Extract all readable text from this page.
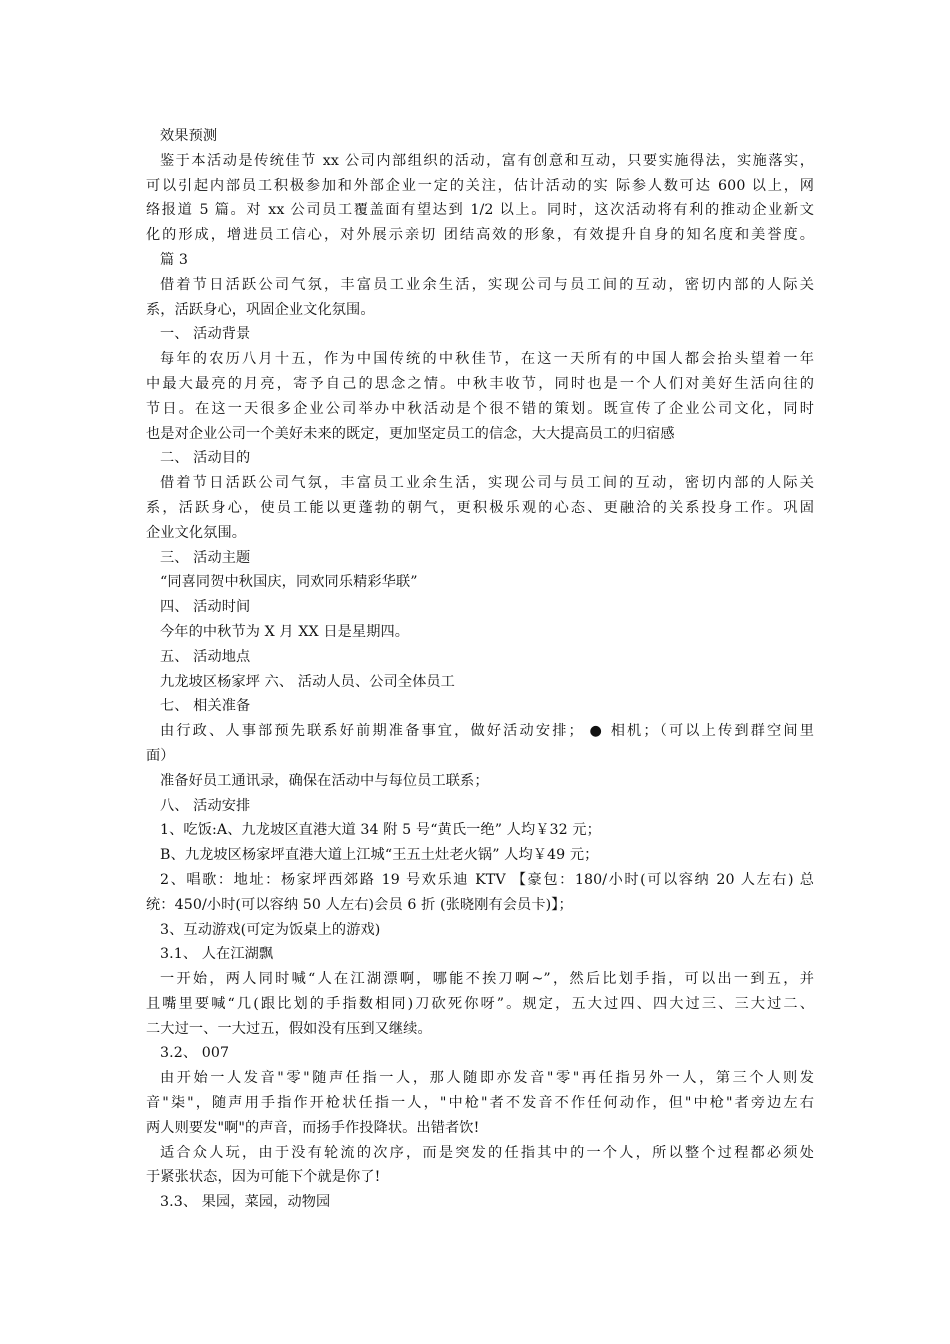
效果预测
鉴于本活动是传统佳节 xx 公司内部组织的活动，富有创意和互动，只要实施得法，实施落实，
可以引起内部员工积极参加和外部企业一定的关注，估计活动的实 际参人数可达 600 以上，网
络报道 5 篇。对 xx 公司员工覆盖面有望达到 1/2 以上。同时，这次活动将有利的推动企业新文
化的形成，增进员工信心，对外展示亲切 团结高效的形象，有效提升自身的知名度和美誉度。
篇 3
借着节日活跃公司气氛，丰富员工业余生活，实现公司与员工间的互动，密切内部的人际关
系，活跃身心，巩固企业文化氛围。
一、 活动背景
每年的农历八月十五，作为中国传统的中秋佳节，在这一天所有的中国人都会抬头望着一年
中最大最亮的月亮，寄予自己的思念之情。中秋丰收节，同时也是一个人们对美好生活向往的
节日。在这一天很多企业公司举办中秋活动是个很不错的策划。既宣传了企业公司文化，同时
也是对企业公司一个美好未来的既定，更加坚定员工的信念，大大提高员工的归宿感
二、 活动目的
借着节日活跃公司气氛，丰富员工业余生活，实现公司与员工间的互动，密切内部的人际关
系，活跃身心，使员工能以更蓬勃的朝气，更积极乐观的心态、更融洽的关系投身工作。巩固
企业文化氛围。
三、 活动主题
“同喜同贺中秋国庆，同欢同乐精彩华联”
四、 活动时间
今年的中秋节为 X 月 XX 日是星期四。
五、 活动地点
九龙坡区杨家坪 六、 活动人员、公司全体员工
七、 相关准备
由行政、人事部预先联系好前期准备事宜，做好活动安排； ● 相机；（可以上传到群空间里
面）
准备好员工通讯录，确保在活动中与每位员工联系；
八、 活动安排
1、吃饭:A、九龙坡区直港大道 34 附 5 号“黄氏一绝” 人均￥32 元；
B、九龙坡区杨家坪直港大道上江城“王五土灶老火锅” 人均￥49 元；
2、唱歌：地址：杨家坪西郊路 19 号欢乐迪 KTV 【豪包：180/小时(可以容纳 20 人左右) 总
统：450/小时(可以容纳 50 人左右)会员 6 折 (张晓刚有会员卡)】；
3、互动游戏(可定为饭桌上的游戏)
3.1、 人在江湖飘
一开始，两人同时喊“人在江湖漂啊，哪能不挨刀啊~”，然后比划手指，可以出一到五，并
且嘴里要喊“几(跟比划的手指数相同)刀砍死你呀”。规定，五大过四、四大过三、三大过二、
二大过一、一大过五，假如没有压到又继续。
3.2、 007
由开始一人发音"零"随声任指一人，那人随即亦发音"零"再任指另外一人，第三个人则发
音"柒"，随声用手指作开枪状任指一人，"中枪"者不发音不作任何动作，但"中枪"者旁边左右
两人则要发"啊"的声音，而扬手作投降状。出错者饮!
适合众人玩，由于没有轮流的次序，而是突发的任指其中的一个人，所以整个过程都必须处
于紧张状态，因为可能下个就是你了!
3.3、 果园，菜园，动物园
